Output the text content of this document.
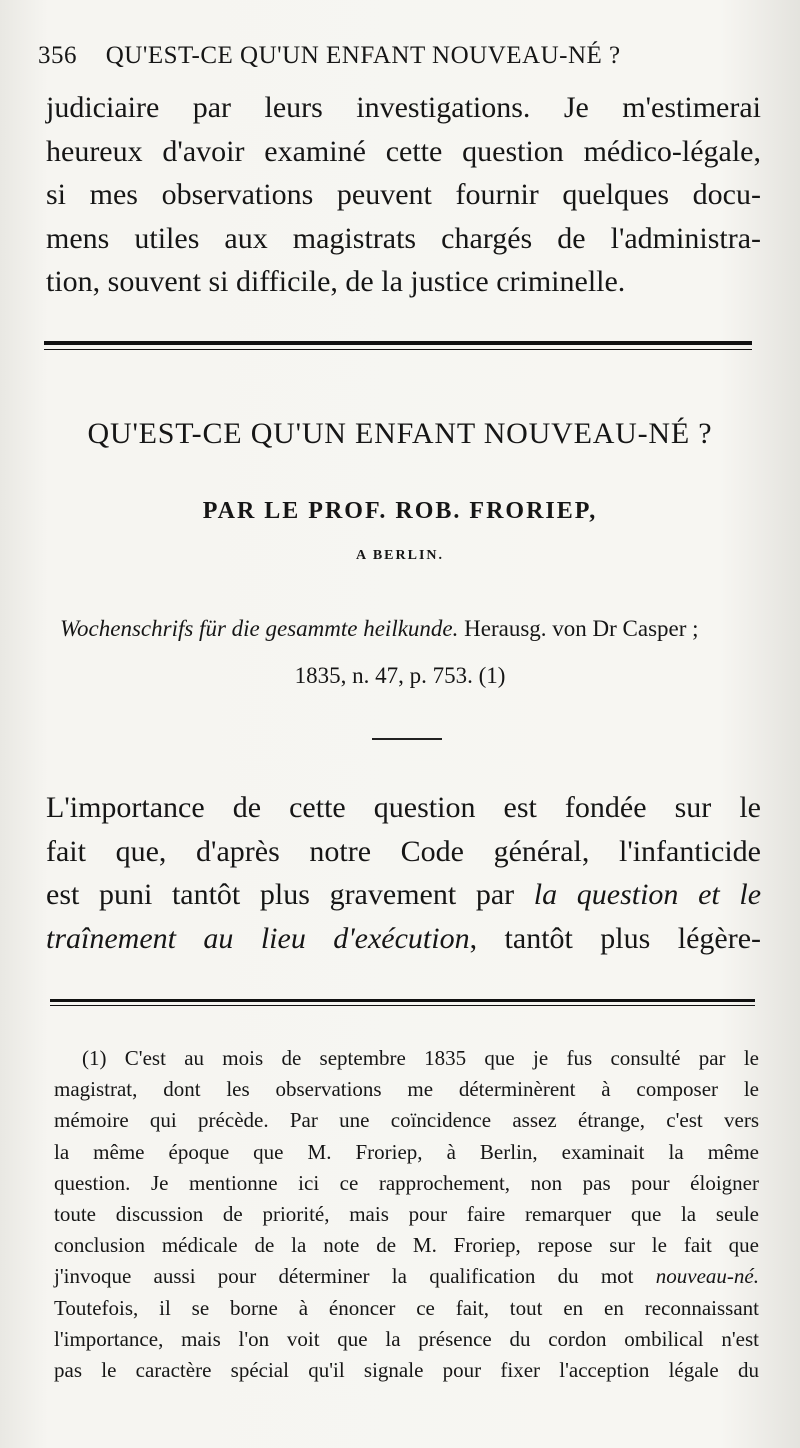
356 QU'EST-CE QU'UN ENFANT NOUVEAU-NÉ ?
judiciaire par leurs investigations. Je m'estimerai
heureux d'avoir examiné cette question médico-légale,
si mes observations peuvent fournir quelques docu-
mens utiles aux magistrats chargés de l'administra-
tion, souvent si difficile, de la justice criminelle.
QU'EST-CE QU'UN ENFANT NOUVEAU-NÉ ?
PAR LE PROF. ROB. FRORIEP,
A BERLIN.
Wochenschrifs für die gesammte heilkunde. Herausg. von Dr Casper ;
1835, n. 47, p. 753. (1)
L'importance de cette question est fondée sur le
fait que, d'après notre Code général, l'infanticide
est puni tantôt plus gravement par la question et le
traînement au lieu d'exécution, tantôt plus légère-
(1) C'est au mois de septembre 1835 que je fus consulté par le
magistrat, dont les observations me déterminèrent à composer le
mémoire qui précède. Par une coïncidence assez étrange, c'est vers
la même époque que M. Froriep, à Berlin, examinait la même
question. Je mentionne ici ce rapprochement, non pas pour éloigner
toute discussion de priorité, mais pour faire remarquer que la seule
conclusion médicale de la note de M. Froriep, repose sur le fait que
j'invoque aussi pour déterminer la qualification du mot nouveau-né.
Toutefois, il se borne à énoncer ce fait, tout en en reconnaissant
l'importance, mais l'on voit que la présence du cordon ombilical n'est
pas le caractère spécial qu'il signale pour fixer l'acception légale du
